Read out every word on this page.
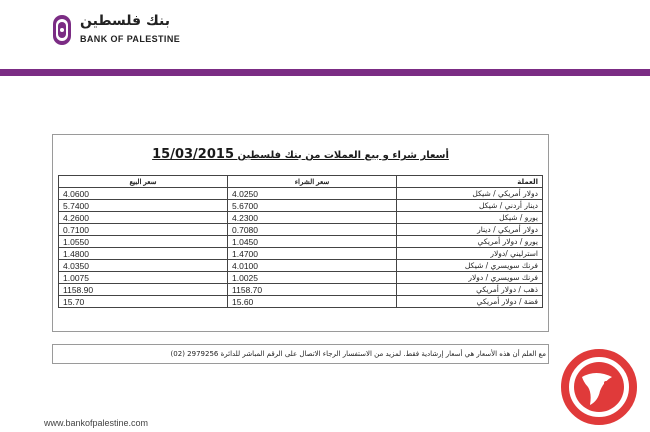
بنك فلسطين
BANK OF PALESTINE
أسعار شراء و بيع العملات من بنك فلسطين 15/03/2015
سعر البيع	سعر الشراء	العملة
4.0600	4.0250	دولار أمريكي / شيكل
5.7400	5.6700	دينار أردني / شيكل
4.2600	4.2300	يورو / شيكل
0.7100	0.7080	دولار أمريكي / دينار
1.0550	1.0450	يورو / دولار أمريكي
1.4800	1.4700	استرليني /دولار
4.0350	4.0100	فرنك سويسري / شيكل
1.0075	1.0025	فرنك سويسري / دولار
1158.90	1158.70	ذهب / دولار أمريكي
15.70	15.60	فضة / دولار أمريكي
مع العلم أن هذه الأسعار هي أسعار إرشادية فقط. لمزيد من الاستفسار الرجاء الاتصال على الرقم المباشر للدائرة 2979256 (02)
www.bankofpalestine.com
